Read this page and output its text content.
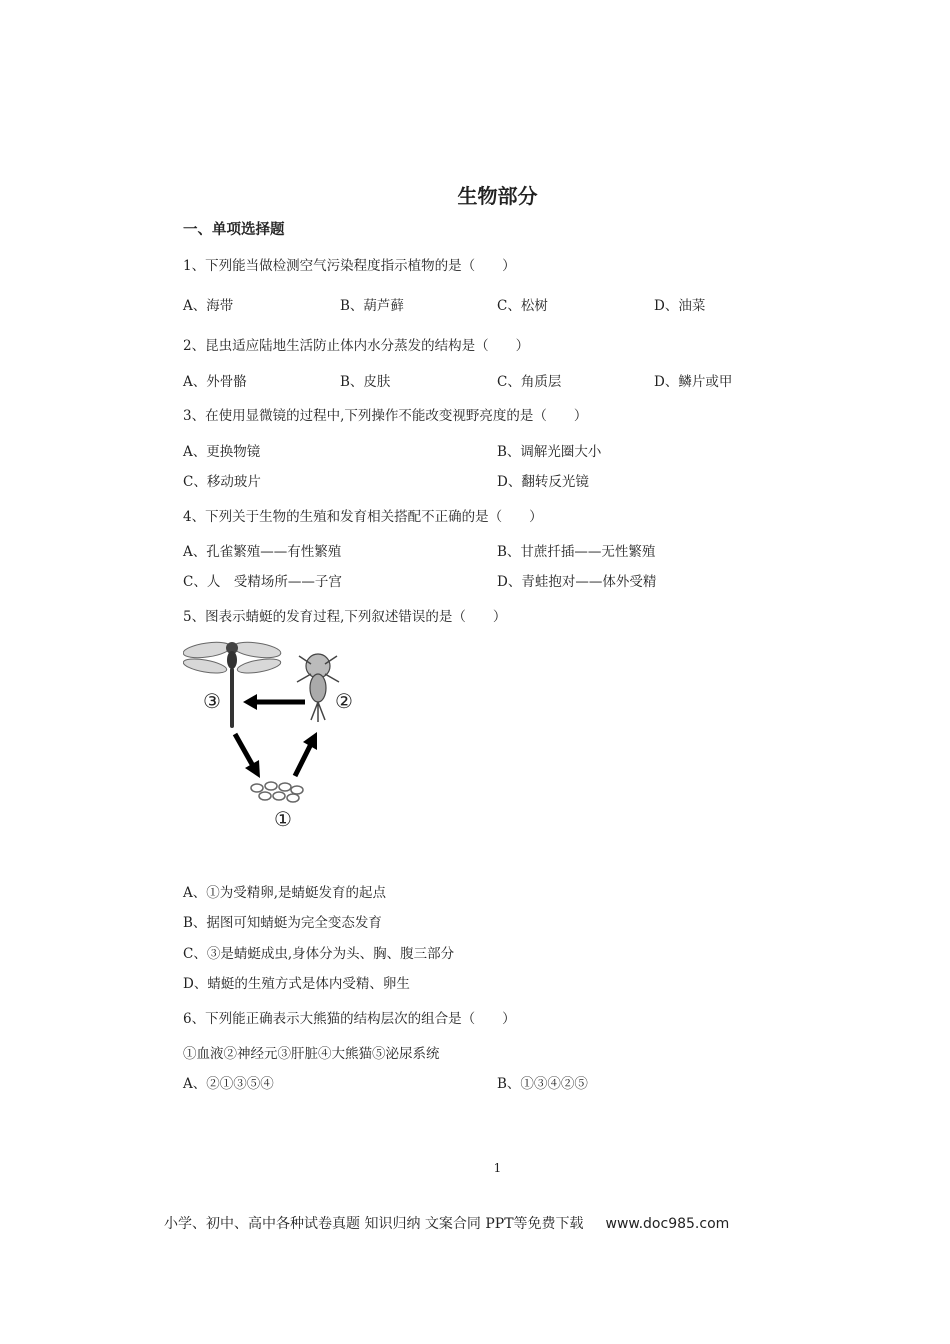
生物部分
一、单项选择题
1、下列能当做检测空气污染程度指示植物的是（　　）
A、海带	B、葫芦藓	C、松树	D、油菜
2、昆虫适应陆地生活防止体内水分蒸发的结构是（　　）
A、外骨骼	B、皮肤	C、角质层	D、鳞片或甲
3、在使用显微镜的过程中,下列操作不能改变视野亮度的是（　　）
A、更换物镜	B、调解光圈大小
C、移动玻片	D、翻转反光镜
4、下列关于生物的生殖和发育相关搭配不正确的是（　　）
A、孔雀繁殖——有性繁殖	B、甘蔗扦插——无性繁殖
C、人　受精场所——子宫	D、青蛙抱对——体外受精
5、图表示蜻蜓的发育过程,下列叙述错误的是（　　）
③	②
①
A、①为受精卵,是蜻蜓发育的起点
B、据图可知蜻蜓为完全变态发育
C、③是蜻蜓成虫,身体分为头、胸、腹三部分
D、蜻蜓的生殖方式是体内受精、卵生
6、下列能正确表示大熊猫的结构层次的组合是（　　）
①血液②神经元③肝脏④大熊猫⑤泌尿系统
A、②①③⑤④	B、①③④②⑤
1
小学、初中、高中各种试卷真题 知识归纳 文案合同 PPT等免费下载 www.doc985.com
